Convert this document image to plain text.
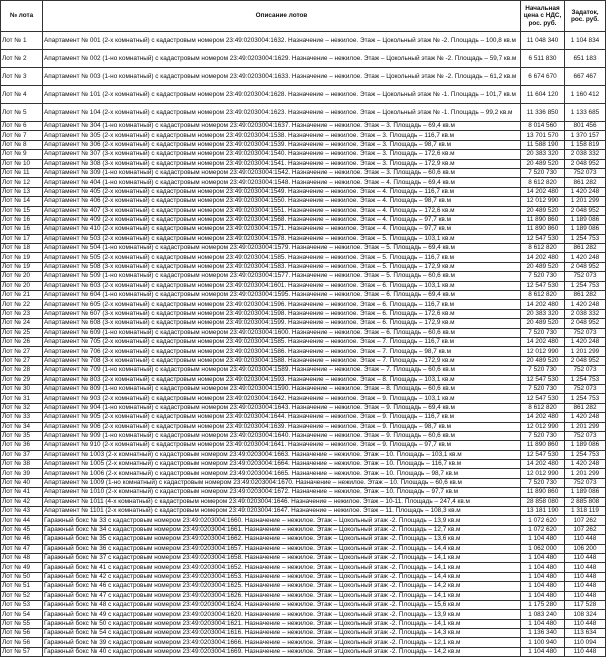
№ лота	Описание лотов	Начальная цена с НДС, рос. руб.	Задаток, рос. руб.
Лот № 1	Апартамент № 001 (2-х комнатный) с кадастровым номером 23:49:0203004:1632. Назначение – нежилое. Этаж – Цокольный этаж № -2. Площадь – 100,8 кв.м	11 048 340	1 104 834
Лот № 2	Апартамент № 002 (1-но комнатный) с кадастровым номером 23:49:0203004:1629. Назначение – нежилое. Этаж – Цокольный этаж № -2. Площадь – 59,7 кв.м	6 511 830	651 183
Лот № 3	Апартамент № 003 (1-но комнатный) с кадастровым номером 23:49:0203004:1633. Назначение – нежилое. Этаж – Цокольный этаж № -2. Площадь – 61,2 кв.м	6 674 670	667 467
Лот № 4	Апартамент № 101 (2-х комнатный) с кадастровым номером 23:49:0203004:1628. Назначение – нежилое. Этаж – Цокольный этаж № -1. Площадь – 101,7 кв.м	11 604 120	1 160 412
Лот № 5	Апартамент № 104 (2-х комнатный) с кадастровым номером 23:49:0203004:1623. Назначение – нежилое. Этаж – Цокольный этаж № -1. Площадь – 99,2 кв.м	11 336 850	1 133 685
Лот № 6	Апартамент № 304 (1-но комнатный) с кадастровым номером 23:49:0203004:1637. Назначение – нежилое. Этаж – 3. Площадь – 69,4 кв.м	8 014 560	801 456
Лот № 7	Апартамент № 305 (2-х комнатный) с кадастровым номером 23:49:0203004:1538. Назначение – нежилое. Этаж – 3. Площадь – 116,7 кв.м	13 701 570	1 370 157
Лот № 8	Апартамент № 306 (2-х комнатный) с кадастровым номером 23:49:0203004:1539. Назначение – нежилое. Этаж – 3. Площадь – 98,7 кв.м	11 588 190	1 158 819
Лот № 9	Апартамент № 307 (3-х комнатный) с кадастровым номером 23:49:0203004:1540. Назначение – нежилое. Этаж – 3. Площадь – 172,6 кв.м	20 383 320	2 038 332
Лот № 10	Апартамент № 308 (3-х комнатный) с кадастровым номером 23:49:0203004:1541. Назначение – нежилое. Этаж – 3. Площадь – 172,9 кв.м	20 489 520	2 048 952
Лот № 11	Апартамент № 309 (1-но комнатный) с кадастровым номером 23:49:0203004:1542. Назначение – нежилое. Этаж – 3. Площадь – 60,6 кв.м	7 520 730	752 073
Лот № 12	Апартамент № 404 (1-но комнатный) с кадастровым номером 23:49:0203004:1548. Назначение – нежилое. Этаж – 4. Площадь – 69,4 кв.м	8 612 820	861 282
Лот № 13	Апартамент № 405 (2-х комнатный) с кадастровым номером 23:49:0203004:1549. Назначение – нежилое. Этаж – 4. Площадь – 116,7 кв.м	14 202 480	1 420 248
Лот № 14	Апартамент № 406 (2-х комнатный) с кадастровым номером 23:49:0203004:1550. Назначение – нежилое. Этаж – 4. Площадь – 98,7 кв.м	12 012 990	1 201 299
Лот № 15	Апартамент № 407 (3-х комнатный) с кадастровым номером 23:49:0203004:1551. Назначение – нежилое. Этаж – 4. Площадь – 172,6 кв.м	20 489 520	2 048 952
Лот № 16	Апартамент № 409 (2-х комнатный) с кадастровым номером 23:49:0203004:1568. Назначение – нежилое. Этаж – 4. Площадь – 97,7 кв.м	11 890 860	1 189 086
Лот № 16	Апартамент № 410 (2-х комнатный) с кадастровым номером 23:49:0203004:1571. Назначение – нежилое. Этаж – 4. Площадь – 97,7 кв.м	11 890 860	1 189 086
Лот № 17	Апартамент № 503 (2-х комнатный) с кадастровым номером 23:49:0203004:1578. Назначение – нежилое. Этаж – 5. Площадь – 103,1 кв.м	12 547 530	1 254 753
Лот № 18	Апартамент № 504 (1-но комнатный) с кадастровым номером 23:49:0203004:1579. Назначение – нежилое. Этаж – 5. Площадь – 69,4 кв.м	8 612 820	861 282
Лот № 19	Апартамент № 505 (2-х комнатный) с кадастровым номером 23:49:0203004:1585. Назначение – нежилое. Этаж – 5. Площадь – 116,7 кв.м	14 202 480	1 420 248
Лот № 19	Апартамент № 508 (3-х комнатный) с кадастровым номером 23:49:0203004:1583. Назначение – нежилое. Этаж – 5. Площадь – 172,9 кв.м	20 489 520	2 048 952
Лот № 20	Апартамент № 509 (1-но комнатный) с кадастровым номером 23:49:0203004:1577. Назначение – нежилое. Этаж – 5. Площадь – 60,6 кв.м	7 520 730	752 073
Лот № 20	Апартамент № 603 (2-х комнатный) с кадастровым номером 23:49:0203004:1601. Назначение – нежилое. Этаж – 6. Площадь – 103,1 кв.м	12 547 530	1 254 753
Лот № 21	Апартамент № 604 (1-но комнатный) с кадастровым номером 23:49:0203004:1595. Назначение – нежилое. Этаж – 6. Площадь – 69,4 кв.м	8 612 820	861 282
Лот № 22	Апартамент № 605 (2-х комнатный) с кадастровым номером 23:49:0203004:1596. Назначение – нежилое. Этаж – 6. Площадь – 116,7 кв.м	14 202 480	1 420 248
Лот № 23	Апартамент № 607 (3-х комнатный) с кадастровым номером 23:49:0203004:1598. Назначение – нежилое. Этаж – 6. Площадь – 172,6 кв.м	20 383 320	2 038 332
Лот № 24	Апартамент № 608 (3-х комнатный) с кадастровым номером 23:49:0203004:1599. Назначение – нежилое. Этаж – 6. Площадь – 172,9 кв.м	20 489 520	2 048 952
Лот № 25	Апартамент № 609 (1-но комнатный) с кадастровым номером 23:49:0203004:1600. Назначение – нежилое. Этаж – 6. Площадь – 60,6 кв.м	7 520 730	752 073
Лот № 26	Апартамент № 705 (2-х комнатный) с кадастровым номером 23:49:0203004:1585. Назначение – нежилое. Этаж – 7. Площадь – 116,7 кв.м	14 202 480	1 420 248
Лот № 27	Апартамент № 706 (2-х комнатный) с кадастровым номером 23:49:0203004:1586. Назначение – нежилое. Этаж – 7. Площадь – 98,7 кв.м	12 012 990	1 201 299
Лот № 27	Апартамент № 708 (3-х комнатный) с кадастровым номером 23:49:0203004:1588. Назначение – нежилое. Этаж – 7. Площадь – 172,9 кв.м	20 489 520	2 048 952
Лот № 28	Апартамент № 709 (1-но комнатный) с кадастровым номером 23:49:0203004:1589. Назначение – нежилое. Этаж – 7. Площадь – 60,6 кв.м	7 520 730	752 073
Лот № 29	Апартамент № 803 (2-х комнатный) с кадастровым номером 23:49:0203004:1593. Назначение – нежилое. Этаж – 8. Площадь – 103,1 кв.м	12 547 530	1 254 753
Лот № 30	Апартамент № 809 (1-но комнатный) с кадастровым номером 23:49:0203004:1590. Назначение – нежилое. Этаж – 8. Площадь – 60,6 кв.м	7 520 730	752 073
Лот № 31	Апартамент № 903 (2-х комнатный) с кадастровым номером 23:49:0203004:1642. Назначение – нежилое. Этаж – 9. Площадь – 103,1 кв.м	12 547 530	1 254 753
Лот № 32	Апартамент № 904 (1-но комнатный) с кадастровым номером 23:49:0203004:1643. Назначение – нежилое. Этаж – 9. Площадь – 69,4 кв.м	8 612 820	861 282
Лот № 33	Апартамент № 905 (2-х комнатный) с кадастровым номером 23:49:0203004:1644. Назначение – нежилое. Этаж – 9. Площадь – 116,7 кв.м	14 202 480	1 420 248
Лот № 34	Апартамент № 906 (2-х комнатный) с кадастровым номером 23:49:0203004:1639. Назначение – нежилое. Этаж – 9. Площадь – 98,7 кв.м	12 012 990	1 201 299
Лот № 35	Апартамент № 909 (1-но комнатный) с кадастровым номером 23:49:0203004:1640. Назначение – нежилое. Этаж – 9. Площадь – 60,6 кв.м	7 520 730	752 073
Лот № 36	Апартамент № 910 (2-х комнатный) с кадастровым номером 23:49:0203004:1641. Назначение – нежилое. Этаж – 9. Площадь – 97,7 кв.м	11 890 860	1 189 086
Лот № 37	Апартамент № 1003 (2-х комнатный) с кадастровым номером 23:49:0203004:1663. Назначение – нежилое. Этаж – 10. Площадь – 103,1 кв.м	12 547 530	1 254 753
Лот № 38	Апартамент № 1005 (2-х комнатный) с кадастровым номером 23:49:0203004:1664. Назначение – нежилое. Этаж – 10. Площадь – 116,7 кв.м	14 202 480	1 420 248
Лот № 39	Апартамент № 1006 (2-х комнатный) с кадастровым номером 23:49:0203004:1665. Назначение – нежилое. Этаж – 10. Площадь – 98,7 кв.м	12 012 990	1 201 299
Лот № 40	Апартамент № 1009 (1-но комнатный) с кадастровым номером 23:49:0203004:1670. Назначение – нежилое. Этаж – 10. Площадь – 60,6 кв.м	7 520 730	752 073
Лот № 41	Апартамент № 1010 (2-х комнатный) с кадастровым номером 23:49:0203004:1672. Назначение – нежилое. Этаж – 10. Площадь – 97,7 кв.м	11 890 860	1 189 086
Лот № 42	Апартамент № 1011 (4-х комнатный) с кадастровым номером 23:49:0203004:1646. Назначение – нежилое. Этаж – 10-11. Площадь – 247,4 кв.м	28 858 080	2 885 808
Лот № 43	Апартамент № 1101 (2-х комнатный) с кадастровым номером 23:49:0203004:1647. Назначение – нежилое. Этаж – 11. Площадь – 108,3 кв.м	13 181 190	1 318 119
Лот № 44	Гаражный бокс № 33 с кадастровым номером 23:49:0203004:1660. Назначение – нежилое. Этаж – Цокольный этаж -2. Площадь – 13,9 кв.м	1 072 620	107 262
Лот № 45	Гаражный бокс № 34 с кадастровым номером 23:49:0203004:1661. Назначение – нежилое. Этаж – Цокольный этаж -2. Площадь – 12,7 кв.м	1 072 620	107 262
Лот № 46	Гаражный бокс № 35 с кадастровым номером 23:49:0203004:1662. Назначение – нежилое. Этаж – Цокольный этаж -2. Площадь – 13,6 кв.м	1 104 480	110 448
Лот № 47	Гаражный бокс № 36 с кадастровым номером 23:49:0203004:1657. Назначение – нежилое. Этаж – Цокольный этаж -2. Площадь – 14,4 кв.м	1 062 000	106 200
Лот № 48	Гаражный бокс № 37 с кадастровым номером 23:49:0203004:1658. Назначение – нежилое. Этаж – Цокольный этаж -2. Площадь – 14,1 кв.м	1 104 480	110 448
Лот № 49	Гаражный бокс № 41 с кадастровым номером 23:49:0203004:1652. Назначение – нежилое. Этаж – Цокольный этаж -2. Площадь – 14,1 кв.м	1 104 480	110 448
Лот № 50	Гаражный бокс № 42 с кадастровым номером 23:49:0203004:1653. Назначение – нежилое. Этаж – Цокольный этаж -2. Площадь – 14,4 кв.м	1 104 480	110 448
Лот № 51	Гаражный бокс № 46 с кадастровым номером 23:49:0203004:1625. Назначение – нежилое. Этаж – Цокольный этаж -2. Площадь – 14,2 кв.м	1 104 480	110 448
Лот № 52	Гаражный бокс № 47 с кадастровым номером 23:49:0203004:1626. Назначение – нежилое. Этаж – Цокольный этаж -2. Площадь – 14,1 кв.м	1 104 480	110 448
Лот № 53	Гаражный бокс № 48 с кадастровым номером 23:49:0203004:1624. Назначение – нежилое. Этаж – Цокольный этаж -2. Площадь – 15,6 кв.м	1 175 280	117 528
Лот № 54	Гаражный бокс № 49 с кадастровым номером 23:49:0203004:1620. Назначение – нежилое. Этаж – Цокольный этаж -2. Площадь – 13,9 кв.м	1 083 240	108 324
Лот № 55	Гаражный бокс № 50 с кадастровым номером 23:49:0203004:1621. Назначение – нежилое. Этаж – Цокольный этаж -2. Площадь – 14,1 кв.м	1 104 480	110 448
Лот № 56	Гаражный бокс № 54 с кадастровым номером 23:49:0203004:1616. Назначение – нежилое. Этаж – Цокольный этаж -2. Площадь – 14,3 кв.м	1 136 340	113 634
Лот № 56	Гаражный бокс № 39 с кадастровым номером 23:49:0203004:1666. Назначение – нежилое. Этаж – Цокольный этаж -2. Площадь – 12,1 кв.м	1 100 940	110 094
Лот № 57	Гаражный бокс № 40 с кадастровым номером 23:49:0203004:1669. Назначение – нежилое. Этаж – Цокольный этаж -2. Площадь – 14,2 кв.м	1 104 480	110 448
